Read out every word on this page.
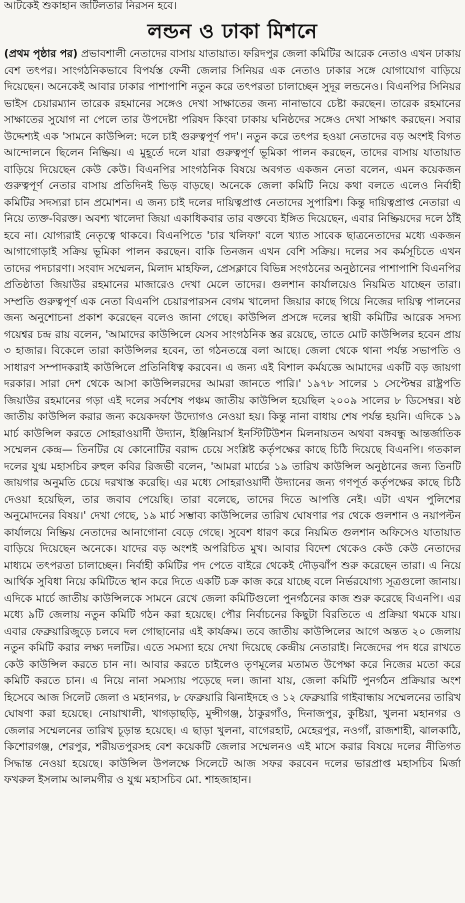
আটকেই শুকাহান জটিলতার নিরসন হবে।
লন্ডন ও ঢাকা মিশনে

(প্রথম পৃষ্ঠার পর) প্রভাবশালী নেতাদের বাসায় যাতায়াত। ফরিদপুর জেলা কমিটির আরেক নেতাও এখন ঢাকায় বেশ তৎপর। সাংগঠনিকভাবে বিপর্যস্ত ফেনী জেলার সিনিয়র এক নেতাও ঢাকার সঙ্গে যোগাযোগ বাড়িয়ে দিয়েছেন। অনেকেই আবার ঢাকার পাশাপাশি নতুন করে তৎপরতা চালাচ্ছেন সুদূর লন্ডনেও। বিএনপির সিনিয়র ভাইস চেয়ারম্যান তারেক রহমানের সঙ্গেও দেখা সাক্ষাতের জন্য নানাভাবে চেষ্টা করছেন। তারেক রহমানের সাক্ষাতের সুযোগ না পেলে তার উপদেষ্টা পরিষদ কিংবা ঢাকায় ঘনিষ্ঠদের সঙ্গেও দেখা সাক্ষাৎ করছেন। সবার উদ্দেশ্যই এক 'সামনে কাউন্সিল: দলে চাই গুরুত্বপূর্ণ পদ'। নতুন করে তৎপর হওয়া নেতাদের বড় অংশই বিগত আন্দোলনে ছিলেন নিষ্ক্রিয়। এ মুহূর্তে দলে যারা গুরুত্বপূর্ণ ভূমিকা পালন করছেন, তাদের বাসায় যাতায়াত বাড়িয়ে দিয়েছেন কেউ কেউ। বিএনপির সাংগঠনিক বিষয়ে অবগত একজন নেতা বলেন, এমন কয়েকজন গুরুত্বপূর্ণ নেতার বাসায় প্রতিদিনই ভিড় বাড়ছে। অনেকে জেলা কমিটি নিয়ে কথা বলতে এলেও নির্বাহী কমিটির সদস্যরা চান প্রমোশন। এ জন্য চাই দলের দায়িত্বপ্রাপ্ত নেতাদের সুপারিশ। কিন্তু দায়িত্বপ্রাপ্ত নেতারা এ নিয়ে ত্যক্ত-বিরক্ত। অবশ্য খালেদা জিয়া একাধিকবার তার বক্তব্যে ইঙ্গিত দিয়েছেন, এবার নিষ্ক্রিয়দের দলে ঠাঁই হবে না। যোগ্যরাই নেতৃত্বে থাকবে। বিএনপিতে 'চার খলিফা' বলে খ্যাত সাবেক ছাত্রনেতাদের মধ্যে একজন আগাগোড়াই সক্রিয় ভূমিকা পালন করছেন। বাকি তিনজন এখন বেশি সক্রিয়। দলের সব কর্মসূচিতে এখন তাদের পদচারণা। সংবাদ সম্মেলন, মিলাদ মাহফিল, প্রেসক্লাবে বিভিন্ন সংগঠনের অনুষ্ঠানের পাশাপাশি বিএনপির প্রতিষ্ঠাতা জিয়াউর রহমানের মাজারেও দেখা মেলে তাদের। গুলশান কার্যালয়েও নিয়মিত যাচ্ছেন তারা। সম্প্রতি গুরুত্বপূর্ণ এক নেতা বিএনপি চেয়ারপারসন বেগম খালেদা জিয়ার কাছে গিয়ে নিজের দায়িত্ব পালনের জন্য অনুশোচনা প্রকাশ করেছেন বলেও জানা গেছে। কাউন্সিল প্রসঙ্গে দলের স্থায়ী কমিটির আরেক সদস্য গয়েশ্বর চন্দ্র রায় বলেন, 'আমাদের কাউন্সিলে যেসব সাংগঠনিক স্তর রয়েছে, তাতে মোট কাউন্সিলর হবেন প্রায় ৩ হাজার। বিকেলে তারা কাউন্সিলর হবেন, তা গঠনতন্ত্রে বলা আছে। জেলা থেকে থানা পর্যন্ত সভাপতি ও সাধারণ সম্পাদকরাই কাউন্সিলে প্রতিনিধিত্ব করবেন। এ জন্য এই বিশাল কর্মযজ্ঞে আমাদের একটি বড় জায়গা দরকার। সারা দেশ থেকে আসা কাউন্সিলরদের আমরা জানতে পারি।' ১৯৭৮ সালের ১ সেপ্টেম্বর রাষ্ট্রপতি জিয়াউর রহমানের গড়া এই দলের সর্বশেষ পঞ্চম জাতীয় কাউন্সিল হয়েছিল ২০০৯ সালের ৮ ডিসেম্বর। ষষ্ঠ জাতীয় কাউন্সিল করার জন্য কয়েকদফা উদ্যোগও নেওয়া হয়। কিন্তু নানা বাধায় শেষ পর্যন্ত হয়নি। এদিকে ১৯ মার্চ কাউন্সিল করতে সোহরাওয়ার্দী উদ্যান, ইঞ্জিনিয়ার্স ইনস্টিটিউশন মিলনায়তন অথবা বঙ্গবন্ধু আন্তর্জাতিক সম্মেলন কেন্দ্র— তিনটির যে কোনোটির বরাদ্দ চেয়ে সংশ্লিষ্ট কর্তৃপক্ষের কাছে চিঠি দিয়েছে বিএনপি। গতকাল দলের যুগ্ম মহাসচিব রুহুল কবির রিজভী বলেন, 'আমরা মার্চের ১৯ তারিখ কাউন্সিল অনুষ্ঠানের জন্য তিনটি জায়গার অনুমতি চেয়ে দরখাস্ত করেছি। এর মধ্যে সোহরাওয়ার্দী উদ্যানের জন্য গণপূর্ত কর্তৃপক্ষের কাছে চিঠি দেওয়া হয়েছিল, তার জবাব পেয়েছি। তারা বলেছে, তাদের দিতে আপত্তি নেই। এটা এখন পুলিশের অনুমোদনের বিষয়।' দেখা গেছে, ১৯ মার্চ সম্ভাব্য কাউন্সিলের তারিখ ঘোষণার পর থেকে গুলশান ও নয়াপল্টন কার্যালয়ে নিষ্ক্রিয় নেতাদের আনাগোনা বেড়ে গেছে। সুবেশ ধারণ করে নিয়মিত গুলশান অফিসেও যাতায়াত বাড়িয়ে দিয়েছেন অনেকে। যাদের বড় অংশই অপরিচিত মুখ। আবার বিদেশ থেকেও কেউ কেউ নেতাদের মাধ্যমে তৎপরতা চালাচ্ছেন। নির্বাহী কমিটির পদ পেতে বাইরে থেকেই দৌড়ঝাঁপ শুরু করেছেন তারা। এ নিয়ে আর্থিক সুবিধা নিয়ে কমিটিতে স্থান করে দিতে একটি চক্র কাজ করে যাচ্ছে বলে নির্ভরযোগ্য সূত্রগুলো জানায়। এদিকে মার্চে জাতীয় কাউন্সিলকে সামনে রেখে জেলা কমিটিগুলো পুনর্গঠনের কাজ শুরু করেছে বিএনপি। এর মধ্যে ৯টি জেলায় নতুন কমিটি গঠন করা হয়েছে। পৌর নির্বাচনের কিছুটা বিরতিতে এ প্রক্রিয়া থমকে যায়। এবার ফেব্রুয়ারিজুড়ে চলবে দল গোছানোর এই কার্যক্রম। তবে জাতীয় কাউন্সিলের আগে অন্তত ২০ জেলায় নতুন কমিটি করার লক্ষ্য দলটির। এতে সমস্যা হয়ে দেখা দিয়েছে কেন্দ্রীয় নেতারাই। নিজেদের পদ ধরে রাখতে কেউ কাউন্সিল করতে চান না। আবার করতে চাইলেও তৃণমূলের মতামত উপেক্ষা করে নিজের মতো করে কমিটি করতে চান। এ নিয়ে নানা সমস্যায় পড়েছে দল। জানা যায়, জেলা কমিটি পুনর্গঠন প্রক্রিয়ার অংশ হিসেবে আজ সিলেট জেলা ও মহানগর, ৮ ফেব্রুয়ারি ঝিনাইদহে ও ১২ ফেব্রুয়ারি গাইবান্ধায় সম্মেলনের তারিখ ঘোষণা করা হয়েছে। নোয়াখালী, খাগড়াছড়ি, মুন্সীগঞ্জ, ঠাকুরগাঁও, দিনাজপুর, কুষ্টিয়া, খুলনা মহানগর ও জেলার সম্মেলনের তারিখ চূড়ান্ত হয়েছে। এ ছাড়া খুলনা, বাগেরহাট, মেহেরপুর, নওগাঁ, রাজশাহী, ঝালকাঠি, কিশোরগঞ্জ, শেরপুর, শরীয়তপুরসহ বেশ কয়েকটি জেলার সম্মেলনও এই মাসে করার বিষয়ে দলের নীতিগত সিদ্ধান্ত নেওয়া হয়েছে। কাউন্সিল উপলক্ষে সিলেটে আজ সফর করবেন দলের ভারপ্রাপ্ত মহাসচিব মির্জা ফখরুল ইসলাম আলমগীর ও যুগ্ম মহাসচিব মো. শাহজাহান।
